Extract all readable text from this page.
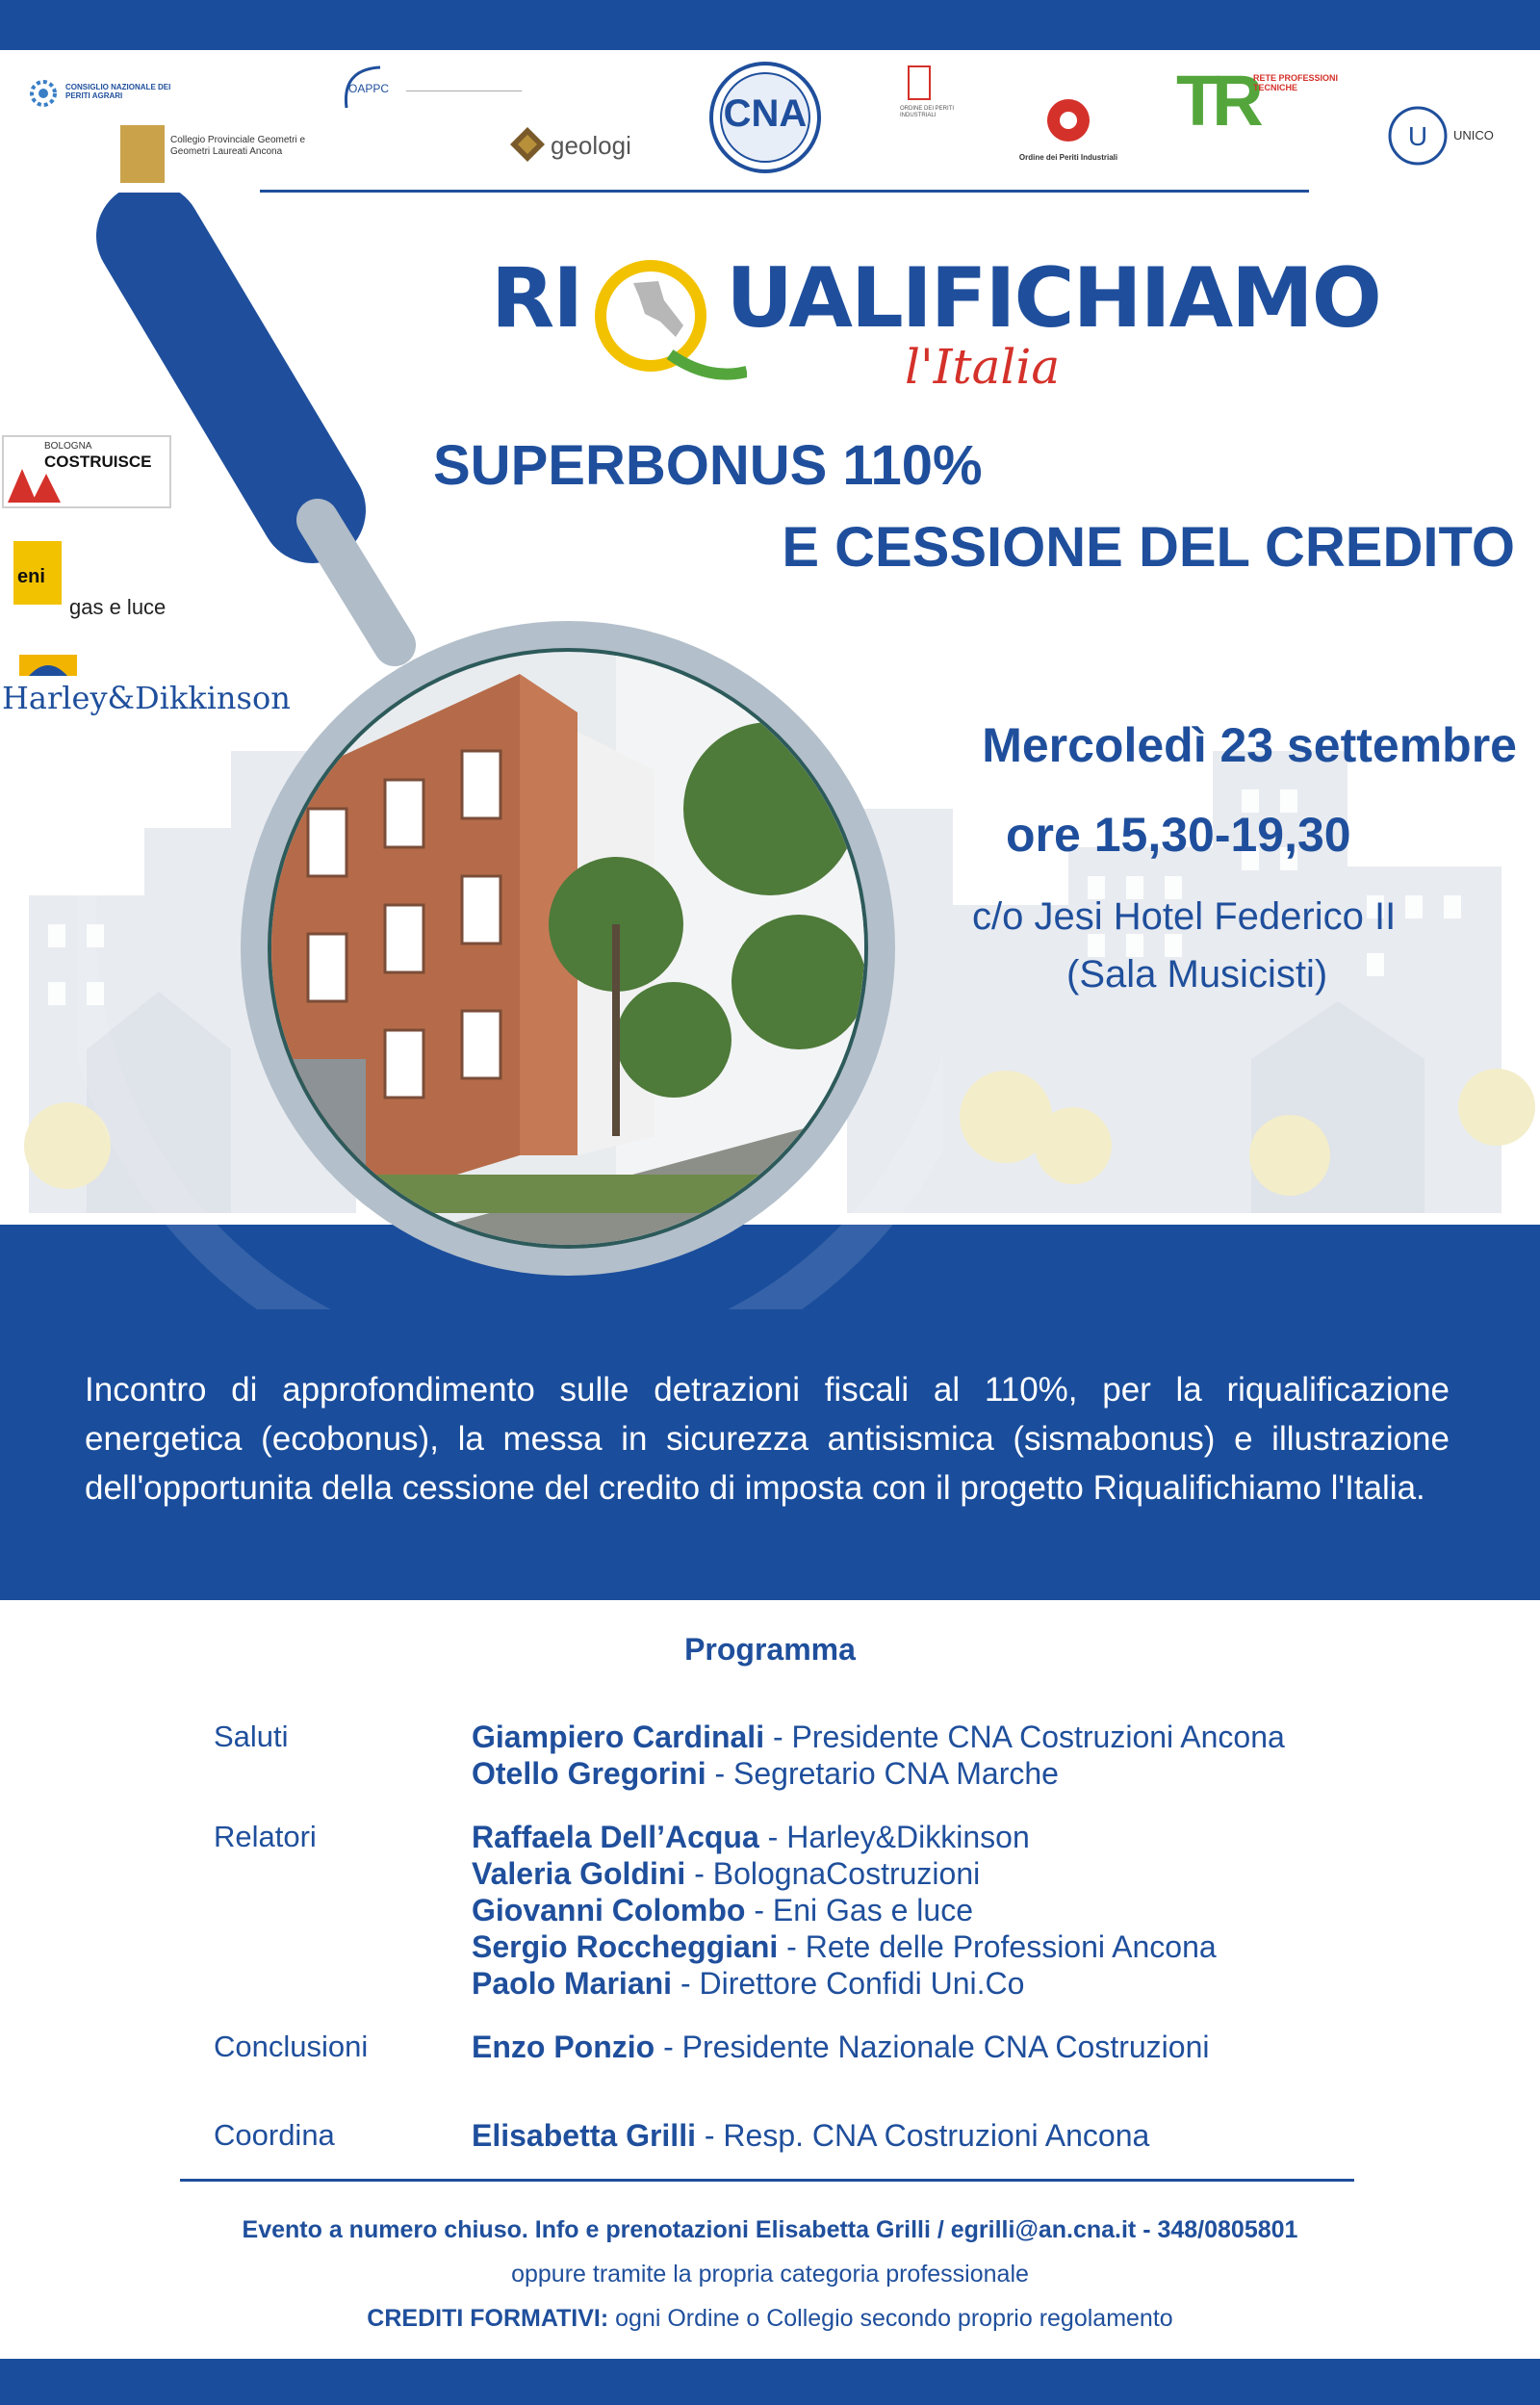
CONSIGLIO NAZIONALE DEI PERITI AGRARI
Collegio Provinciale Geometri e Geometri Laureati Ancona
OAPPC
geologi
CNA	ORDINE DEI PERITI INDUSTRIALI
Ordine dei Periti Industriali
TR
RETE PROFESSIONI TECNICHE
U UNICO
RI UALIFICHIAMO
l'Italia
SUPERBONUS 110%
E CESSIONE DEL CREDITO
Mercoledì 23 settembre
ore 15,30-19,30
c/o Jesi Hotel Federico II
(Sala Musicisti)
BOLOGNA
COSTRUISCE
eni
gas e luce
Harley&Dikkinson
Incontro di approfondimento sulle detrazioni fiscali al 110%, per la riqualificazione energetica (ecobonus), la messa in sicurezza antisismica (sismabonus) e illustrazione dell'opportunita della cessione del credito di imposta con il progetto Riqualifichiamo l'Italia.
Programma
Saluti	Giampiero Cardinali - Presidente CNA Costruzioni Ancona
Otello Gregorini - Segretario CNA Marche
Relatori	Raffaela Dell’Acqua - Harley&Dikkinson
Valeria Goldini - BolognaCostruzioni
Giovanni Colombo - Eni Gas e luce
Sergio Roccheggiani - Rete delle Professioni Ancona
Paolo Mariani - Direttore Confidi Uni.Co
Conclusioni	Enzo Ponzio - Presidente Nazionale CNA Costruzioni
Coordina	Elisabetta Grilli - Resp. CNA Costruzioni Ancona
Evento a numero chiuso. Info e prenotazioni Elisabetta Grilli / egrilli@an.cna.it - 348/0805801
oppure tramite la propria categoria professionale
CREDITI FORMATIVI: ogni Ordine o Collegio secondo proprio regolamento
